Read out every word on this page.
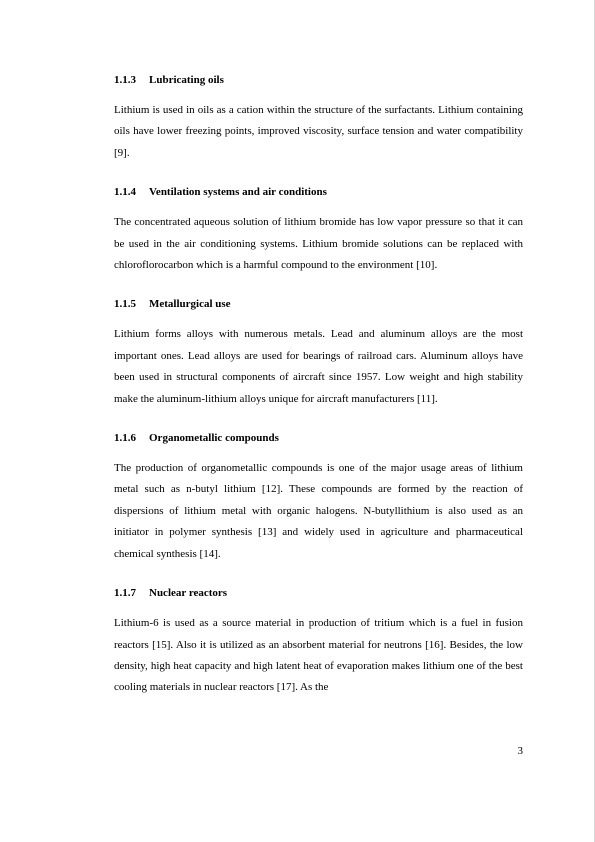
1.1.3 Lubricating oils

Lithium is used in oils as a cation within the structure of the surfactants. Lithium containing oils have lower freezing points, improved viscosity, surface tension and water compatibility [9].

1.1.4 Ventilation systems and air conditions

The concentrated aqueous solution of lithium bromide has low vapor pressure so that it can be used in the air conditioning systems. Lithium bromide solutions can be replaced with chloroflorocarbon which is a harmful compound to the environment [10].

1.1.5 Metallurgical use

Lithium forms alloys with numerous metals. Lead and aluminum alloys are the most important ones. Lead alloys are used for bearings of railroad cars. Aluminum alloys have been used in structural components of aircraft since 1957. Low weight and high stability make the aluminum-lithium alloys unique for aircraft manufacturers [11].

1.1.6 Organometallic compounds

The production of organometallic compounds is one of the major usage areas of lithium metal such as n-butyl lithium [12]. These compounds are formed by the reaction of dispersions of lithium metal with organic halogens. N-butyllithium is also used as an initiator in polymer synthesis [13] and widely used in agriculture and pharmaceutical chemical synthesis [14].

1.1.7 Nuclear reactors

Lithium-6 is used as a source material in production of tritium which is a fuel in fusion reactors [15]. Also it is utilized as an absorbent material for neutrons [16]. Besides, the low density, high heat capacity and high latent heat of evaporation makes lithium one of the best cooling materials in nuclear reactors [17]. As the

3
